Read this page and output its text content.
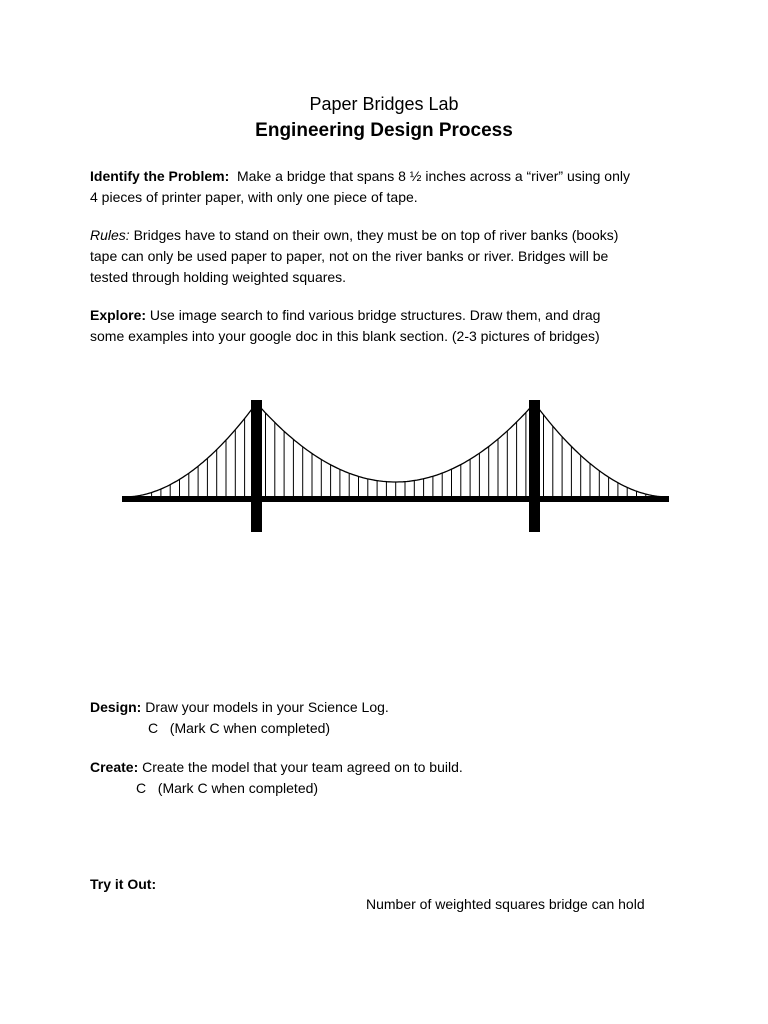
Paper Bridges Lab
Engineering Design Process
Identify the Problem: Make a bridge that spans 8 ½ inches across a “river” using only
4 pieces of printer paper, with only one piece of tape.
Rules: Bridges have to stand on their own, they must be on top of river banks (books)
tape can only be used paper to paper, not on the river banks or river. Bridges will be
tested through holding weighted squares.
Explore: Use image search to find various bridge structures. Draw them, and drag
some examples into your google doc in this blank section. (2-3 pictures of bridges)
Design: Draw your models in your Science Log.
C   (Mark C when completed)
Create: Create the model that your team agreed on to build.
C   (Mark C when completed)
Try it Out:
Number of weighted squares bridge can hold
